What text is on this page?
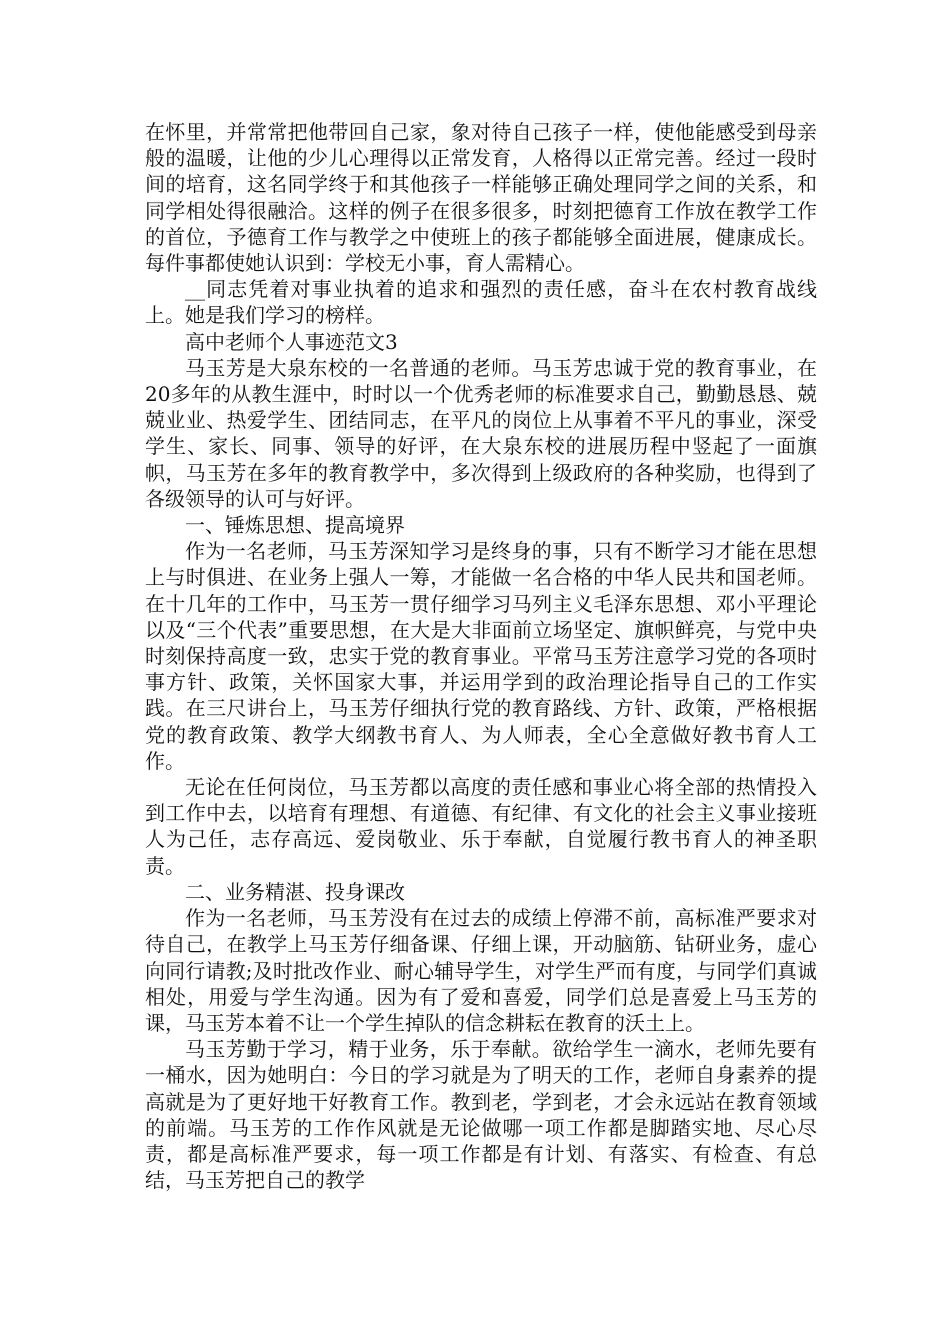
在怀里，并常常把他带回自己家，象对待自己孩子一样，使他能感受到母亲般的温暖，让他的少儿心理得以正常发育，人格得以正常完善。经过一段时间的培育，这名同学终于和其他孩子一样能够正确处理同学之间的关系，和同学相处得很融洽。这样的例子在很多很多，时刻把德育工作放在教学工作的首位，予德育工作与教学之中使班上的孩子都能够全面进展，健康成长。每件事都使她认识到：学校无小事，育人需精心。

__同志凭着对事业执着的追求和强烈的责任感，奋斗在农村教育战线上。她是我们学习的榜样。

高中老师个人事迹范文3

马玉芳是大泉东校的一名普通的老师。马玉芳忠诚于党的教育事业，在20多年的从教生涯中，时时以一个优秀老师的标准要求自己，勤勤恳恳、兢兢业业、热爱学生、团结同志，在平凡的岗位上从事着不平凡的事业，深受学生、家长、同事、领导的好评，在大泉东校的进展历程中竖起了一面旗帜，马玉芳在多年的教育教学中，多次得到上级政府的各种奖励，也得到了各级领导的认可与好评。

一、锤炼思想、提高境界

作为一名老师，马玉芳深知学习是终身的事，只有不断学习才能在思想上与时俱进、在业务上强人一筹，才能做一名合格的中华人民共和国老师。在十几年的工作中，马玉芳一贯仔细学习马列主义毛泽东思想、邓小平理论以及“三个代表”重要思想，在大是大非面前立场坚定、旗帜鲜亮，与党中央时刻保持高度一致，忠实于党的教育事业。平常马玉芳注意学习党的各项时事方针、政策，关怀国家大事，并运用学到的政治理论指导自己的工作实践。在三尺讲台上，马玉芳仔细执行党的教育路线、方针、政策，严格根据党的教育政策、教学大纲教书育人、为人师表，全心全意做好教书育人工作。

无论在任何岗位，马玉芳都以高度的责任感和事业心将全部的热情投入到工作中去，以培育有理想、有道德、有纪律、有文化的社会主义事业接班人为己任，志存高远、爱岗敬业、乐于奉献，自觉履行教书育人的神圣职责。

二、业务精湛、投身课改

作为一名老师，马玉芳没有在过去的成绩上停滞不前，高标准严要求对待自己，在教学上马玉芳仔细备课、仔细上课，开动脑筋、钻研业务，虚心向同行请教;及时批改作业、耐心辅导学生，对学生严而有度，与同学们真诚相处，用爱与学生沟通。因为有了爱和喜爱，同学们总是喜爱上马玉芳的课，马玉芳本着不让一个学生掉队的信念耕耘在教育的沃土上。

马玉芳勤于学习，精于业务，乐于奉献。欲给学生一滴水，老师先要有一桶水，因为她明白：今日的学习就是为了明天的工作，老师自身素养的提高就是为了更好地干好教育工作。教到老，学到老，才会永远站在教育领域的前端。马玉芳的工作作风就是无论做哪一项工作都是脚踏实地、尽心尽责，都是高标准严要求，每一项工作都是有计划、有落实、有检查、有总结，马玉芳把自己的教学
